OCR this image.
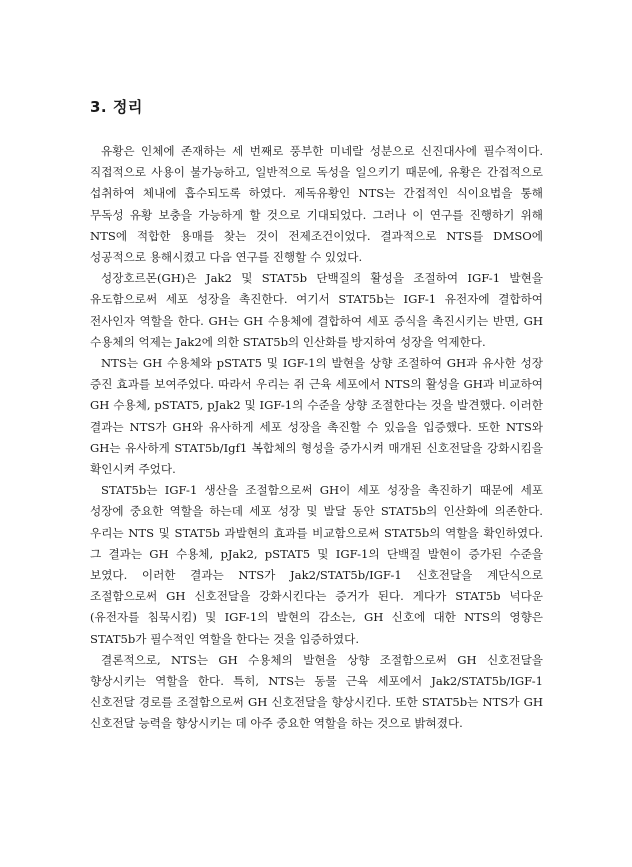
3. 정리

유황은 인체에 존재하는 세 번째로 풍부한 미네랄 성분으로 신진대사에 필수적이다. 직접적으로 사용이 불가능하고, 일반적으로 독성을 일으키기 때문에, 유황은 간접적으로 섭취하여 체내에 흡수되도록 하였다. 제독유황인 NTS는 간접적인 식이요법을 통해 무독성 유황 보충을 가능하게 할 것으로 기대되었다. 그러나 이 연구를 진행하기 위해 NTS에 적합한 용매를 찾는 것이 전제조건이었다. 결과적으로 NTS를 DMSO에 성공적으로 용해시켰고 다음 연구를 진행할 수 있었다.

성장호르몬(GH)은 Jak2 및 STAT5b 단백질의 활성을 조절하여 IGF-1 발현을 유도함으로써 세포 성장을 촉진한다. 여기서 STAT5b는 IGF-1 유전자에 결합하여 전사인자 역할을 한다. GH는 GH 수용체에 결합하여 세포 증식을 촉진시키는 반면, GH 수용체의 억제는 Jak2에 의한 STAT5b의 인산화를 방지하여 성장을 억제한다.

NTS는 GH 수용체와 pSTAT5 및 IGF-1의 발현을 상향 조절하여 GH과 유사한 성장 증진 효과를 보여주었다. 따라서 우리는 쥐 근육 세포에서 NTS의 활성을 GH과 비교하여 GH 수용체, pSTAT5, pJak2 및 IGF-1의 수준을 상향 조절한다는 것을 발견했다. 이러한 결과는 NTS가 GH와 유사하게 세포 성장을 촉진할 수 있음을 입증했다. 또한 NTS와 GH는 유사하게 STAT5b/Igf1 복합체의 형성을 증가시켜 매개된 신호전달을 강화시킴을 확인시켜 주었다.

STAT5b는 IGF-1 생산을 조절함으로써 GH이 세포 성장을 촉진하기 때문에 세포 성장에 중요한 역할을 하는데 세포 성장 및 발달 동안 STAT5b의 인산화에 의존한다. 우리는 NTS 및 STAT5b 과발현의 효과를 비교함으로써 STAT5b의 역할을 확인하였다. 그 결과는 GH 수용체, pJak2, pSTAT5 및 IGF-1의 단백질 발현이 증가된 수준을 보였다. 이러한 결과는 NTS가 Jak2/STAT5b/IGF-1 신호전달을 계단식으로 조절함으로써 GH 신호전달을 강화시킨다는 증거가 된다. 게다가 STAT5b 넉다운(유전자를 침묵시킴) 및 IGF-1의 발현의 감소는, GH 신호에 대한 NTS의 영향은 STAT5b가 필수적인 역할을 한다는 것을 입증하였다.

결론적으로, NTS는 GH 수용체의 발현을 상향 조절함으로써 GH 신호전달을 향상시키는 역할을 한다. 특히, NTS는 동물 근육 세포에서 Jak2/STAT5b/IGF-1 신호전달 경로를 조절함으로써 GH 신호전달을 향상시킨다. 또한 STAT5b는 NTS가 GH 신호전달 능력을 향상시키는 데 아주 중요한 역할을 하는 것으로 밝혀졌다.
